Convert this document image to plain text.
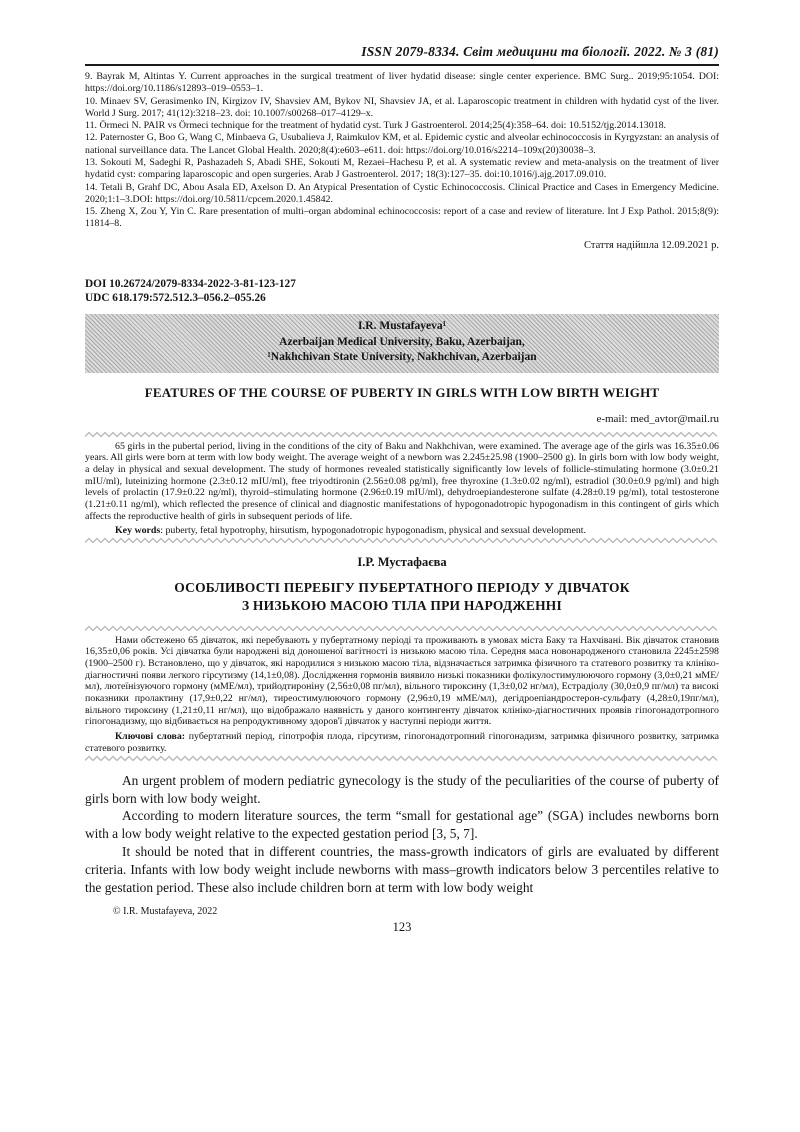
ISSN 2079-8334. Світ медицини та біології. 2022. № 3 (81)

9. Bayrak M, Altintas Y. Current approaches in the surgical treatment of liver hydatid disease: single center experience. BMC Surg.. 2019;95:1054. DOI: https://doi.org/10.1186/s12893–019–0553–1.

10. Minaev SV, Gerasimenko IN, Kirgizov IV, Shavsiev AM, Bykov NI, Shavsiev JA, et al. Laparoscopic treatment in children with hydatid cyst of the liver. World J Surg. 2017; 41(12):3218–23. doi: 10.1007/s00268–017–4129–x.

11. Örmeci N. PAIR vs Örmeci technique for the treatment of hydatid cyst. Turk J Gastroenterol. 2014;25(4):358–64. doi: 10.5152/tjg.2014.13018.

12. Paternoster G, Boo G, Wang C, Minbaeva G, Usubalieva J, Raimkulov KM, et al. Epidemic cystic and alveolar echinococcosis in Kyrgyzstan: an analysis of national surveillance data. The Lancet Global Health. 2020;8(4):e603–e611. doi: https://doi.org/10.016/s2214–109x(20)30038–3.

13. Sokouti M, Sadeghi R, Pashazadeh S, Abadi SHE, Sokouti M, Rezaei–Hachesu P, et al. A systematic review and meta-analysis on the treatment of liver hydatid cyst: comparing laparoscopic and open surgeries. Arab J Gastroenterol. 2017; 18(3):127–35. doi:10.1016/j.ajg.2017.09.010.

14. Tetali B, Grahf DC, Abou Asala ED, Axelson D. An Atypical Presentation of Cystic Echinococcosis. Clinical Practice and Cases in Emergency Medicine. 2020;1:1–3.DOI: https://doi.org/10.5811/cpcem.2020.1.45842.

15. Zheng X, Zou Y, Yin C. Rare presentation of multi–organ abdominal echinococcosis: report of a case and review of literature. Int J Exp Pathol. 2015;8(9): 11814–8.

Стаття надійшла 12.09.2021 р.
DOI 10.26724/2079-8334-2022-3-81-123-127
UDC 618.179:572.512.3–056.2–055.26
I.R. Mustafayeva¹
Azerbaijan Medical University, Baku, Azerbaijan,
¹Nakhchivan State University, Nakhchivan, Azerbaijan
FEATURES OF THE COURSE OF PUBERTY IN GIRLS WITH LOW BIRTH WEIGHT
e-mail: med_avtor@mail.ru

65 girls in the pubertal period, living in the conditions of the city of Baku and Nakhchivan, were examined. The average age of the girls was 16.35±0.06 years. All girls were born at term with low body weight. The average weight of a newborn was 2.245±25.98 (1900–2500 g). In girls born with low body weight, a delay in physical and sexual development. The study of hormones revealed statistically significantly low levels of follicle-stimulating hormone (3.0±0.21 mIU/ml), luteinizing hormone (2.3±0.12 mIU/ml), ftee triyodtironin (2.56±0.08 pg/ml), free thyroxine (1.3±0.02 ng/ml), estradiol (30.0±0.9 pg/ml) and high levels of prolactin (17.9±0.22 ng/ml), thyroid–stimulating hormone (2.96±0.19 mIU/ml), dehydroepiandesterone sulfate (4.28±0.19 pg/ml), total testosterone (1.21±0.11 ng/ml), which reflected the presence of clinical and diagnostic manifestations of hypogonadotropic hypogonadism in this contingent of girls which affects the reproductive health of girls in subsequent periods of life.

Key words: puberty, fetal hypotrophy, hirsutism, hypogonadotropic hypogonadism, physical and sexsual development.

І.Р. Мустафаєва
ОСОБЛИВОСТІ ПЕРЕБІГУ ПУБЕРТАТНОГО ПЕРІОДУ У ДІВЧАТОК
З НИЗЬКОЮ МАСОЮ ТІЛА ПРИ НАРОДЖЕННІ

Нами обстежено 65 дівчаток, які перебувають у пубертатному періоді та проживають в умовах міста Баку та Нахчівані. Вік дівчаток становив 16,35±0,06 років. Усі дівчатка були народжені від доношеної вагітності із низькою масою тіла. Середня маса новонародженого становила 2245±2598 (1900–2500 г). Встановлено, що у дівчаток, які народилися з низькою масою тіла, відзначається затримка фізичного та статевого розвитку та клініко-діагностичні появи легкого гірсутизму (14,1±0,08). Дослідження гормонів виявило низькі показники фолікулостимулюючого гормону (3,0±0,21 мМЕ/мл), лютеїнізуючого гормону (мМЕ/мл), трийодтироніну (2,56±0,08 пг/мл), вільного тироксину (1,3±0,02 нг/мл), Естрадіолу (30,0±0,9 пг/мл) та високі показники пролактину (17,9±0,22 нг/мл), тиреостимулюючого гормону (2,96±0,19 мМЕ/мл), дегідроепіандростерон-сульфату (4,28±0,19пг/мл), вільного тироксину (1,21±0,11 нг/мл), що відображало наявність у даного контингенту дівчаток клініко-діагностичних проявів гіпогонадотропного гіпогонадизму, що відбивається на репродуктивному здоров'ї дівчаток у наступні періоди життя.

Ключові слова: пубертатний період, гіпотрофія плода, гірсутизм, гіпогонадотропний гіпогонадизм, затримка фізичного розвитку, затримка статевого розвитку.

An urgent problem of modern pediatric gynecology is the study of the peculiarities of the course of puberty of girls born with low body weight.

According to modern literature sources, the term “small for gestational age” (SGA) includes newborns born with a low body weight relative to the expected gestation period [3, 5, 7].

It should be noted that in different countries, the mass-growth indicators of girls are evaluated by different criteria. Infants with low body weight include newborns with mass–growth indicators below 3 percentiles relative to the gestation period. These also include children born at term with low body weight

© I.R. Mustafayeva, 2022
123
